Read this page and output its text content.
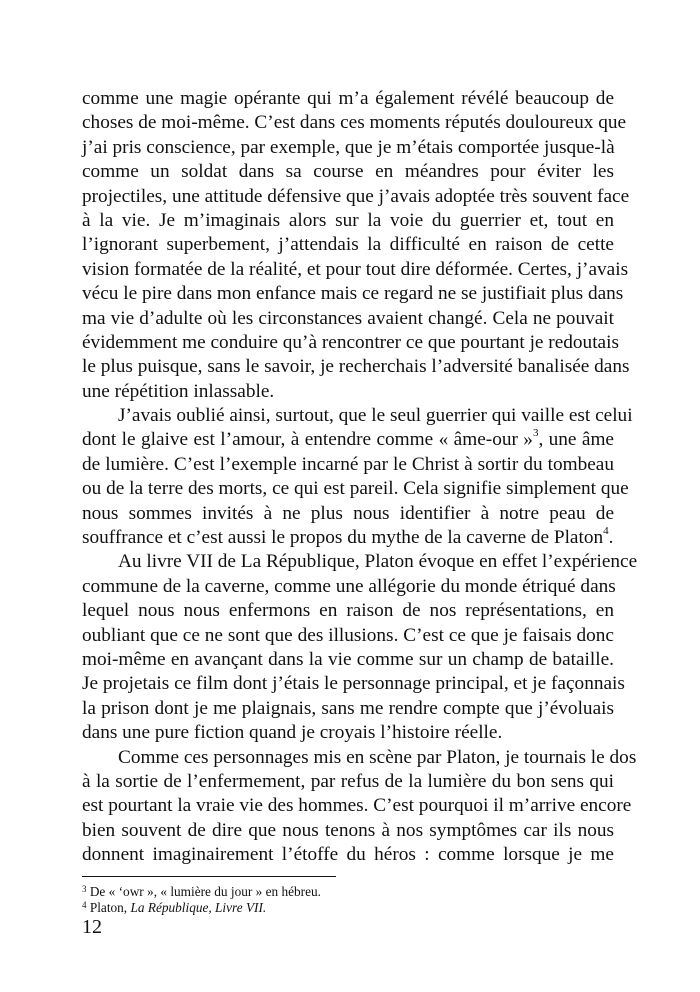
comme une magie opérante qui m’a également révélé beaucoup de
choses de moi-même. C’est dans ces moments réputés douloureux que
j’ai pris conscience, par exemple, que je m’étais comportée jusque-là
comme un soldat dans sa course en méandres pour éviter les
projectiles, une attitude défensive que j’avais adoptée très souvent face
à la vie. Je m’imaginais alors sur la voie du guerrier et, tout en
l’ignorant superbement, j’attendais la difficulté en raison de cette
vision formatée de la réalité, et pour tout dire déformée. Certes, j’avais
vécu le pire dans mon enfance mais ce regard ne se justifiait plus dans
ma vie d’adulte où les circonstances avaient changé. Cela ne pouvait
évidemment me conduire qu’à rencontrer ce que pourtant je redoutais
le plus puisque, sans le savoir, je recherchais l’adversité banalisée dans
une répétition inlassable.
J’avais oublié ainsi, surtout, que le seul guerrier qui vaille est celui
dont le glaive est l’amour, à entendre comme « âme-our »$^3$, une âme
de lumière. C’est l’exemple incarné par le Christ à sortir du tombeau
ou de la terre des morts, ce qui est pareil. Cela signifie simplement que
nous sommes invités à ne plus nous identifier à notre peau de
souffrance et c’est aussi le propos du mythe de la caverne de Platon$^4$.
Au livre VII de La République, Platon évoque en effet l’expérience
commune de la caverne, comme une allégorie du monde étriqué dans
lequel nous nous enfermons en raison de nos représentations, en
oubliant que ce ne sont que des illusions. C’est ce que je faisais donc
moi-même en avançant dans la vie comme sur un champ de bataille.
Je projetais ce film dont j’étais le personnage principal, et je façonnais
la prison dont je me plaignais, sans me rendre compte que j’évoluais
dans une pure fiction quand je croyais l’histoire réelle.
Comme ces personnages mis en scène par Platon, je tournais le dos
à la sortie de l’enfermement, par refus de la lumière du bon sens qui
est pourtant la vraie vie des hommes. C’est pourquoi il m’arrive encore
bien souvent de dire que nous tenons à nos symptômes car ils nous
donnent imaginairement l’étoffe du héros : comme lorsque je me
$^3$ De « ‘owr », « lumière du jour » en hébreu.
$^4$ Platon, La République, Livre VII.
12
